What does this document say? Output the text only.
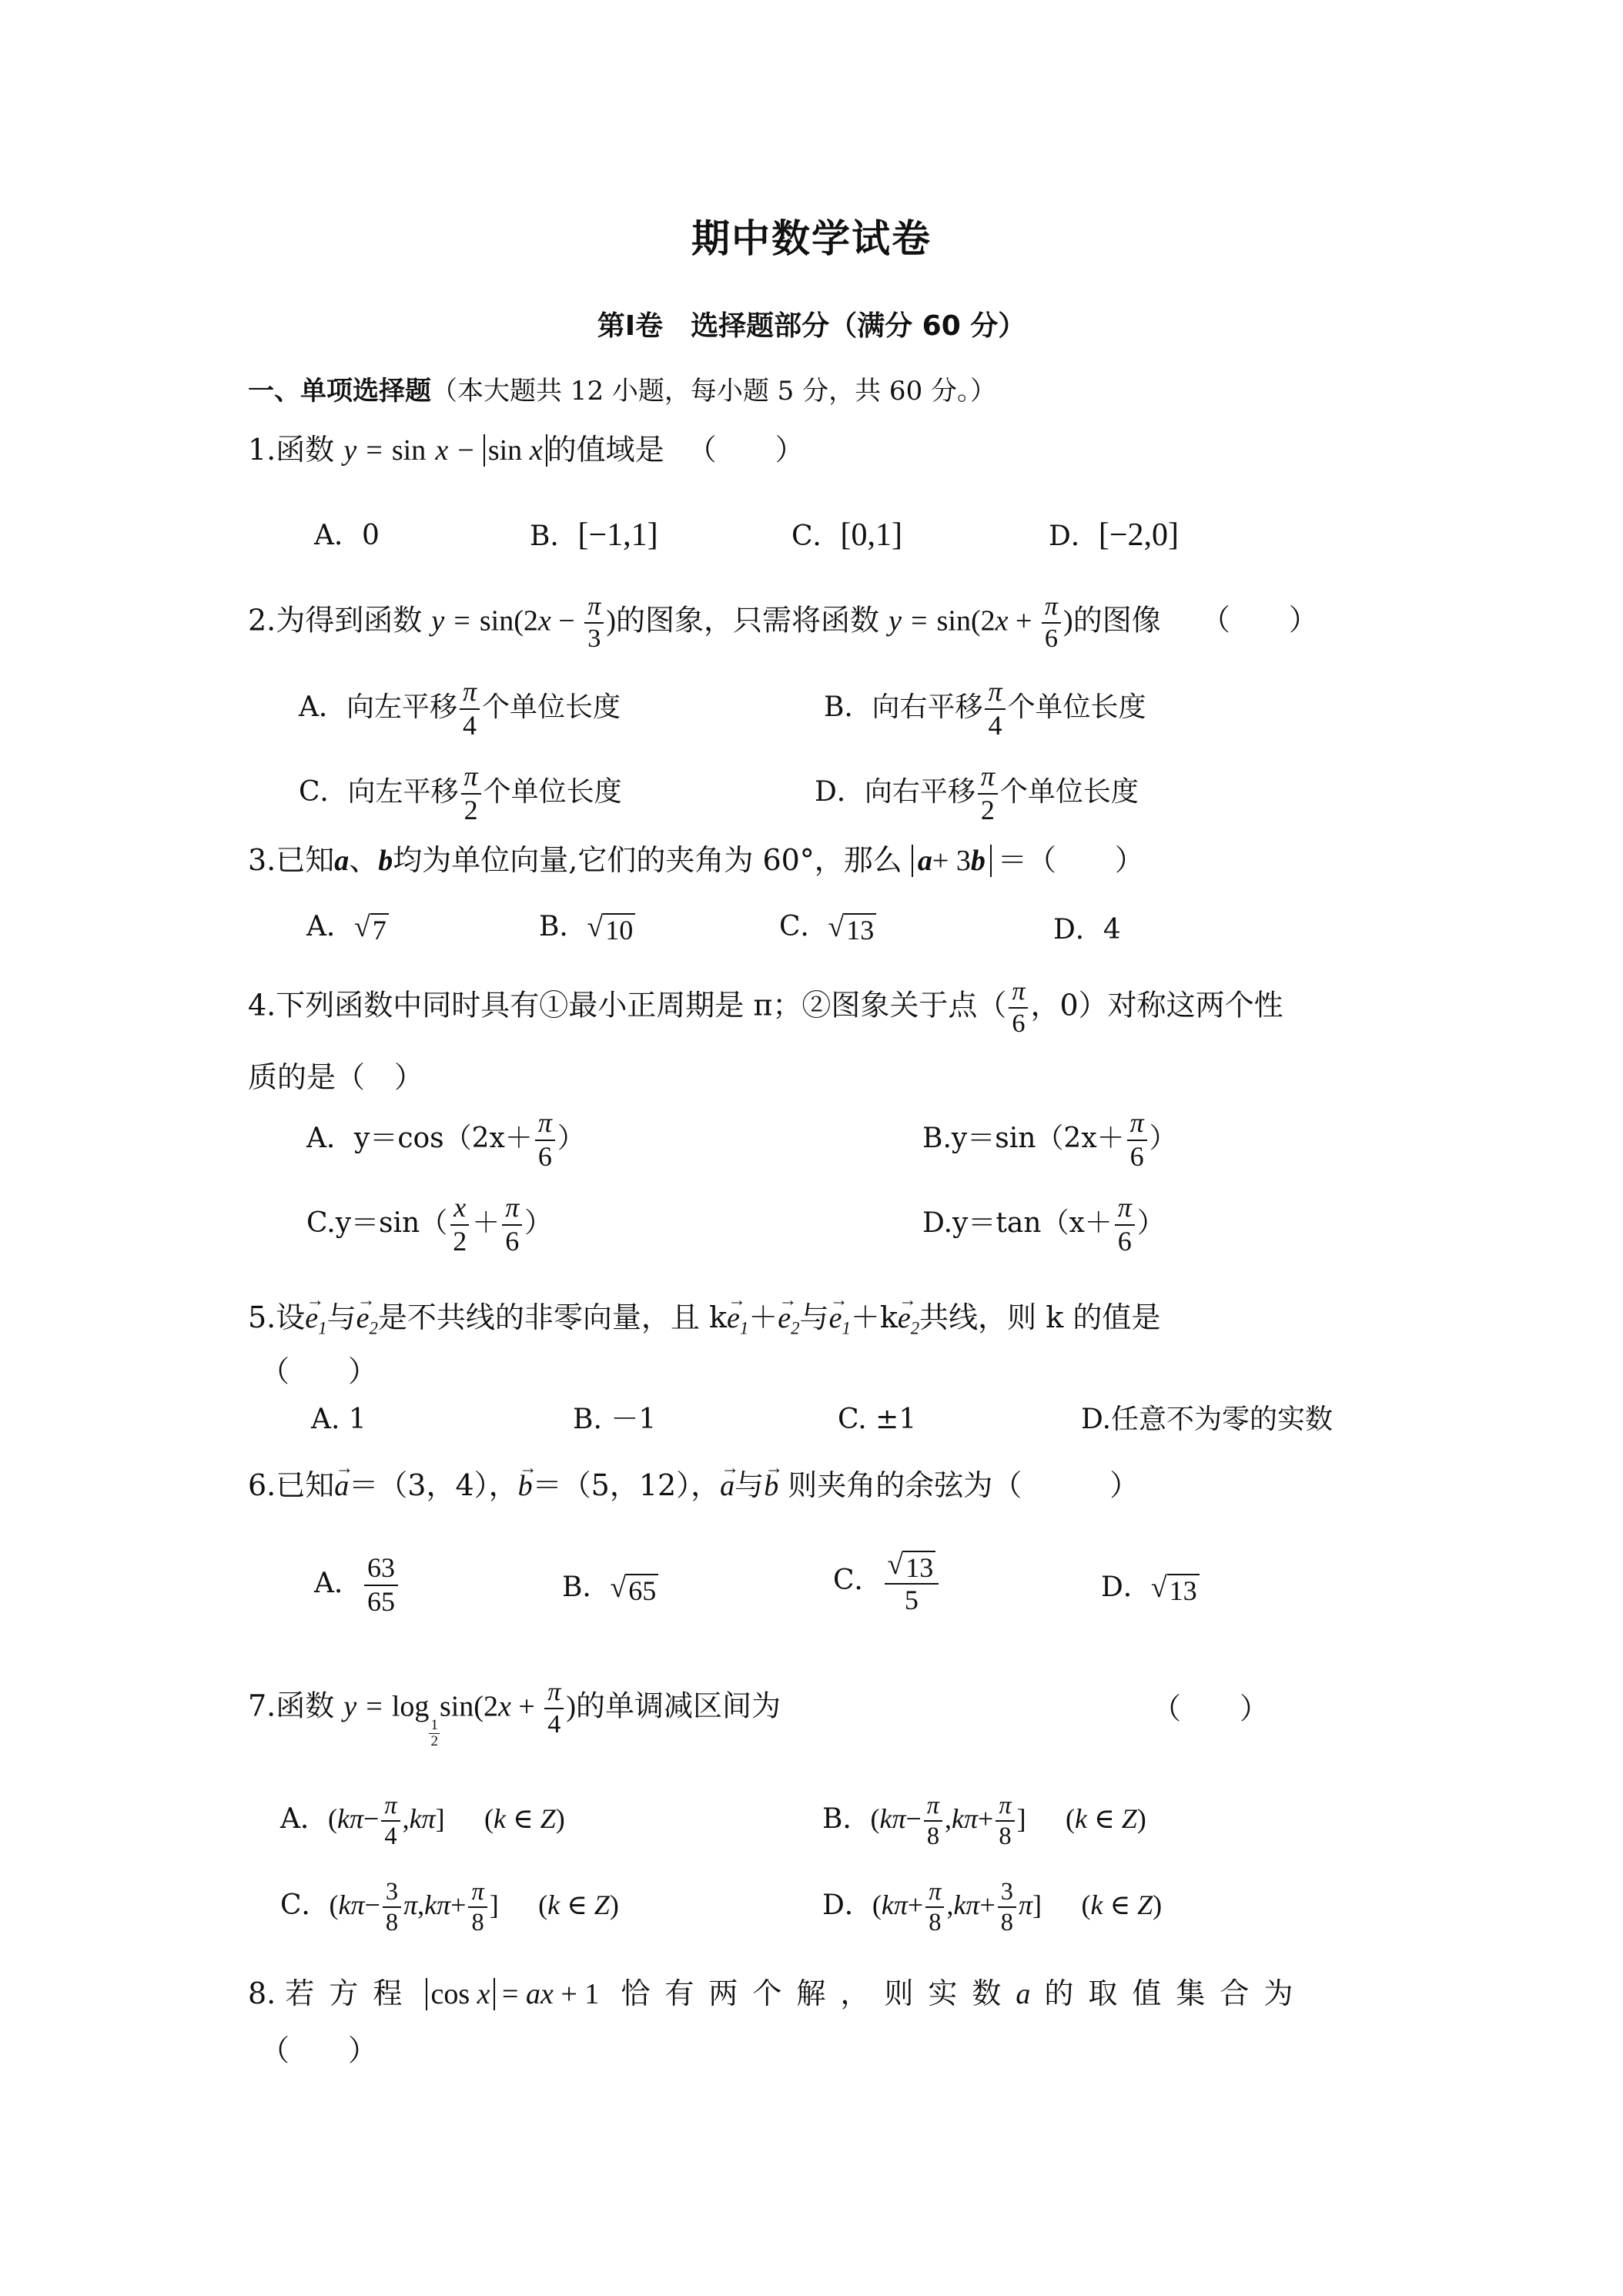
期中数学试卷
第Ⅰ卷　选择题部分（满分 60 分）
一、单项选择题（本大题共 12 小题，每小题 5 分，共 60 分。）
1.函数 y = sin x − sin x 的值域是 （　　）
A．0	B．[−1,1]	C．[0,1]	D．[−2,0]
2.为得到函数 $y = \sin(2x - \frac{\pi}{3}$ )的图象，只需将函数 $y = \sin(2x + \frac{\pi}{6}$ )的图像 （　　）
A．向左平移 $\frac{\pi}{4}$ 个单位长度	B．向右平移 $\frac{\pi}{4}$ 个单位长度
C．向左平移 $\frac{\pi}{2}$ 个单位长度	D．向右平移 $\frac{\pi}{2}$ 个单位长度
3.已知a、b均为单位向量,它们的夹角为 60°，那么 a+ 3b ＝（　　）
A． √ 7	B． √ 10	C． √ 13	D．4
4.下列函数中同时具有①最小正周期是 π；②图象关于点（ $\frac{\pi}{6}$ ，0）对称这两个性
质的是（　）
A．$y=\cos(2x+ \frac{\pi}{6}$ ）	$B.y=\sin(2x+ \frac{\pi}{6}$ ）
$C.y=\sin( \frac{x}{2} + \frac{\pi}{6}$ ）	$D.y=\tan(x+ \frac{\pi}{6}$ ）
5.设→ $e_1$与→ $e_2$是不共线的非零向量，且 $k\to e_1+\to e_2$与→ $e_1+k\to e_2$共线，则 k 的值是
（　　）
A. 1	B. －1	C. ±1	D.任意不为零的实数
6.已知→ a＝（3，4），→ b＝（5，12），→ a与→ b 则夹角的余弦为（　　　）
A． $\frac{63}{65}$	B． √ 65	C． $\frac{√ 13}{5}$	D． √ 13
7.函数 y = log
$\frac{1}{2}$
$\sin(2x + \frac{\pi}{4}$ )的单调减区间为	（　　）
A．$(k\pi- \frac{\pi}{4} ,k\pi]$ (k ∈ Z)	B．($k\pi- \frac{\pi}{8} ,k\pi+ \frac{\pi}{8}$ ] (k ∈ Z)
C．($k\pi- \frac{3}{8} \pi,k\pi+ \frac{\pi}{8}$ ] (k ∈ Z)	D．$(k\pi+ \frac{\pi}{8} ,k\pi+ \frac{3}{8} \pi]$ (k ∈ Z)
8. 若方程 cos x = ax + 1 恰有两个解，则实数a 的取值集合为
（　　）
